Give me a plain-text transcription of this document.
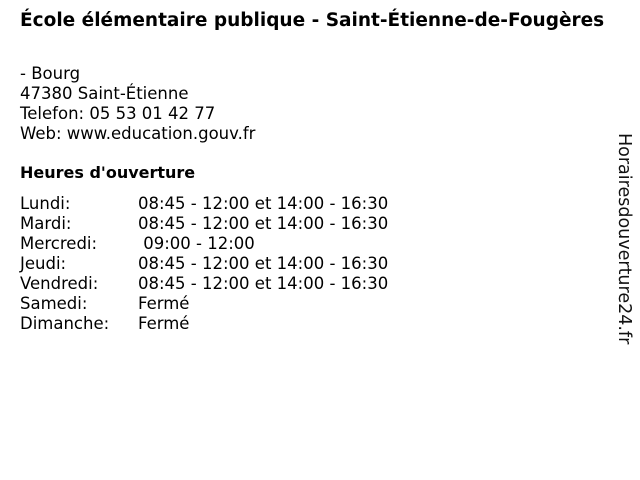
École élémentaire publique - Saint-Étienne-de-Fougères
- Bourg
47380 Saint-Étienne
Telefon: 05 53 01 42 77
Web: www.education.gouv.fr
Heures d'ouverture
Lundi:	08:45 - 12:00 et 14:00 - 16:30
Mardi:	08:45 - 12:00 et 14:00 - 16:30
Mercredi: 09:00 - 12:00
Jeudi:	08:45 - 12:00 et 14:00 - 16:30
Vendredi: 08:45 - 12:00 et 14:00 - 16:30
Samedi:	Fermé
Dimanche: Fermé	Horairesdouverture24.fr
